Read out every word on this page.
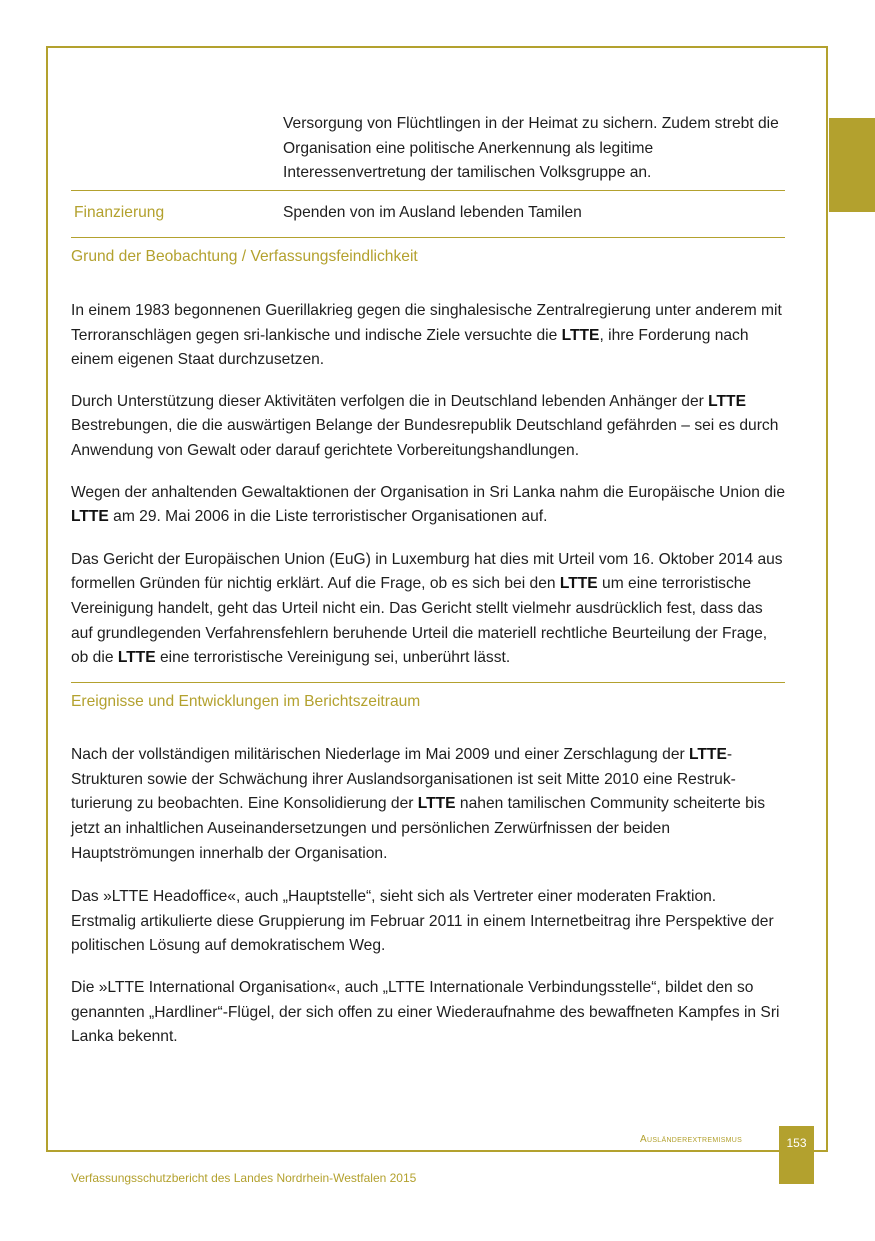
Versorgung von Flüchtlingen in der Heimat zu sichern. Zudem strebt die Organisation eine politische Anerkennung als legitime Interessenvertretung der tamilischen Volksgruppe an.
Finanzierung	Spenden von im Ausland lebenden Tamilen
Grund der Beobachtung / Verfassungsfeindlichkeit

In einem 1983 begonnenen Guerillakrieg gegen die singhalesische Zentralregierung unter anderem mit Terroranschlägen gegen sri-lankische und indische Ziele versuchte die LTTE, ihre Forderung nach einem eigenen Staat durchzusetzen.

Durch Unterstützung dieser Aktivitäten verfolgen die in Deutschland lebenden Anhänger der LTTE Bestrebungen, die die auswärtigen Belange der Bundesrepublik Deutschland gefährden – sei es durch Anwendung von Gewalt oder darauf gerichtete Vorbereitungshandlungen.

Wegen der anhaltenden Gewaltaktionen der Organisation in Sri Lanka nahm die Europäische Union die LTTE am 29. Mai 2006 in die Liste terroristischer Organisationen auf.

Das Gericht der Europäischen Union (EuG) in Luxemburg hat dies mit Urteil vom 16. Oktober 2014 aus formellen Gründen für nichtig erklärt. Auf die Frage, ob es sich bei den LTTE um eine terroristische Vereinigung handelt, geht das Urteil nicht ein. Das Gericht stellt vielmehr ausdrücklich fest, dass das auf grundlegenden Verfahrensfehlern beruhende Urteil die materiell rechtliche Beurteilung der Frage, ob die LTTE eine terroristische Vereinigung sei, unberührt lässt.

Ereignisse und Entwicklungen im Berichtszeitraum

Nach der vollständigen militärischen Niederlage im Mai 2009 und einer Zerschlagung der LTTE-Strukturen sowie der Schwächung ihrer Auslandsorganisationen ist seit Mitte 2010 eine Restrukturierung zu beobachten. Eine Konsolidierung der LTTE nahen tamilischen Community scheiterte bis jetzt an inhaltlichen Auseinandersetzungen und persönlichen Zerwürfnissen der beiden Hauptströmungen innerhalb der Organisation.

Das »LTTE Headoffice«, auch „Hauptstelle“, sieht sich als Vertreter einer moderaten Fraktion. Erstmalig artikulierte diese Gruppierung im Februar 2011 in einem Internetbeitrag ihre Perspektive der politischen Lösung auf demokratischem Weg.

Die »LTTE International Organisation«, auch „LTTE Internationale Verbindungsstelle“, bildet den so genannten „Hardliner“-Flügel, der sich offen zu einer Wiederaufnahme des bewaffneten Kampfes in Sri Lanka bekennt.

Ausländerextremismus	153
Verfassungsschutzbericht des Landes Nordrhein-Westfalen 2015
